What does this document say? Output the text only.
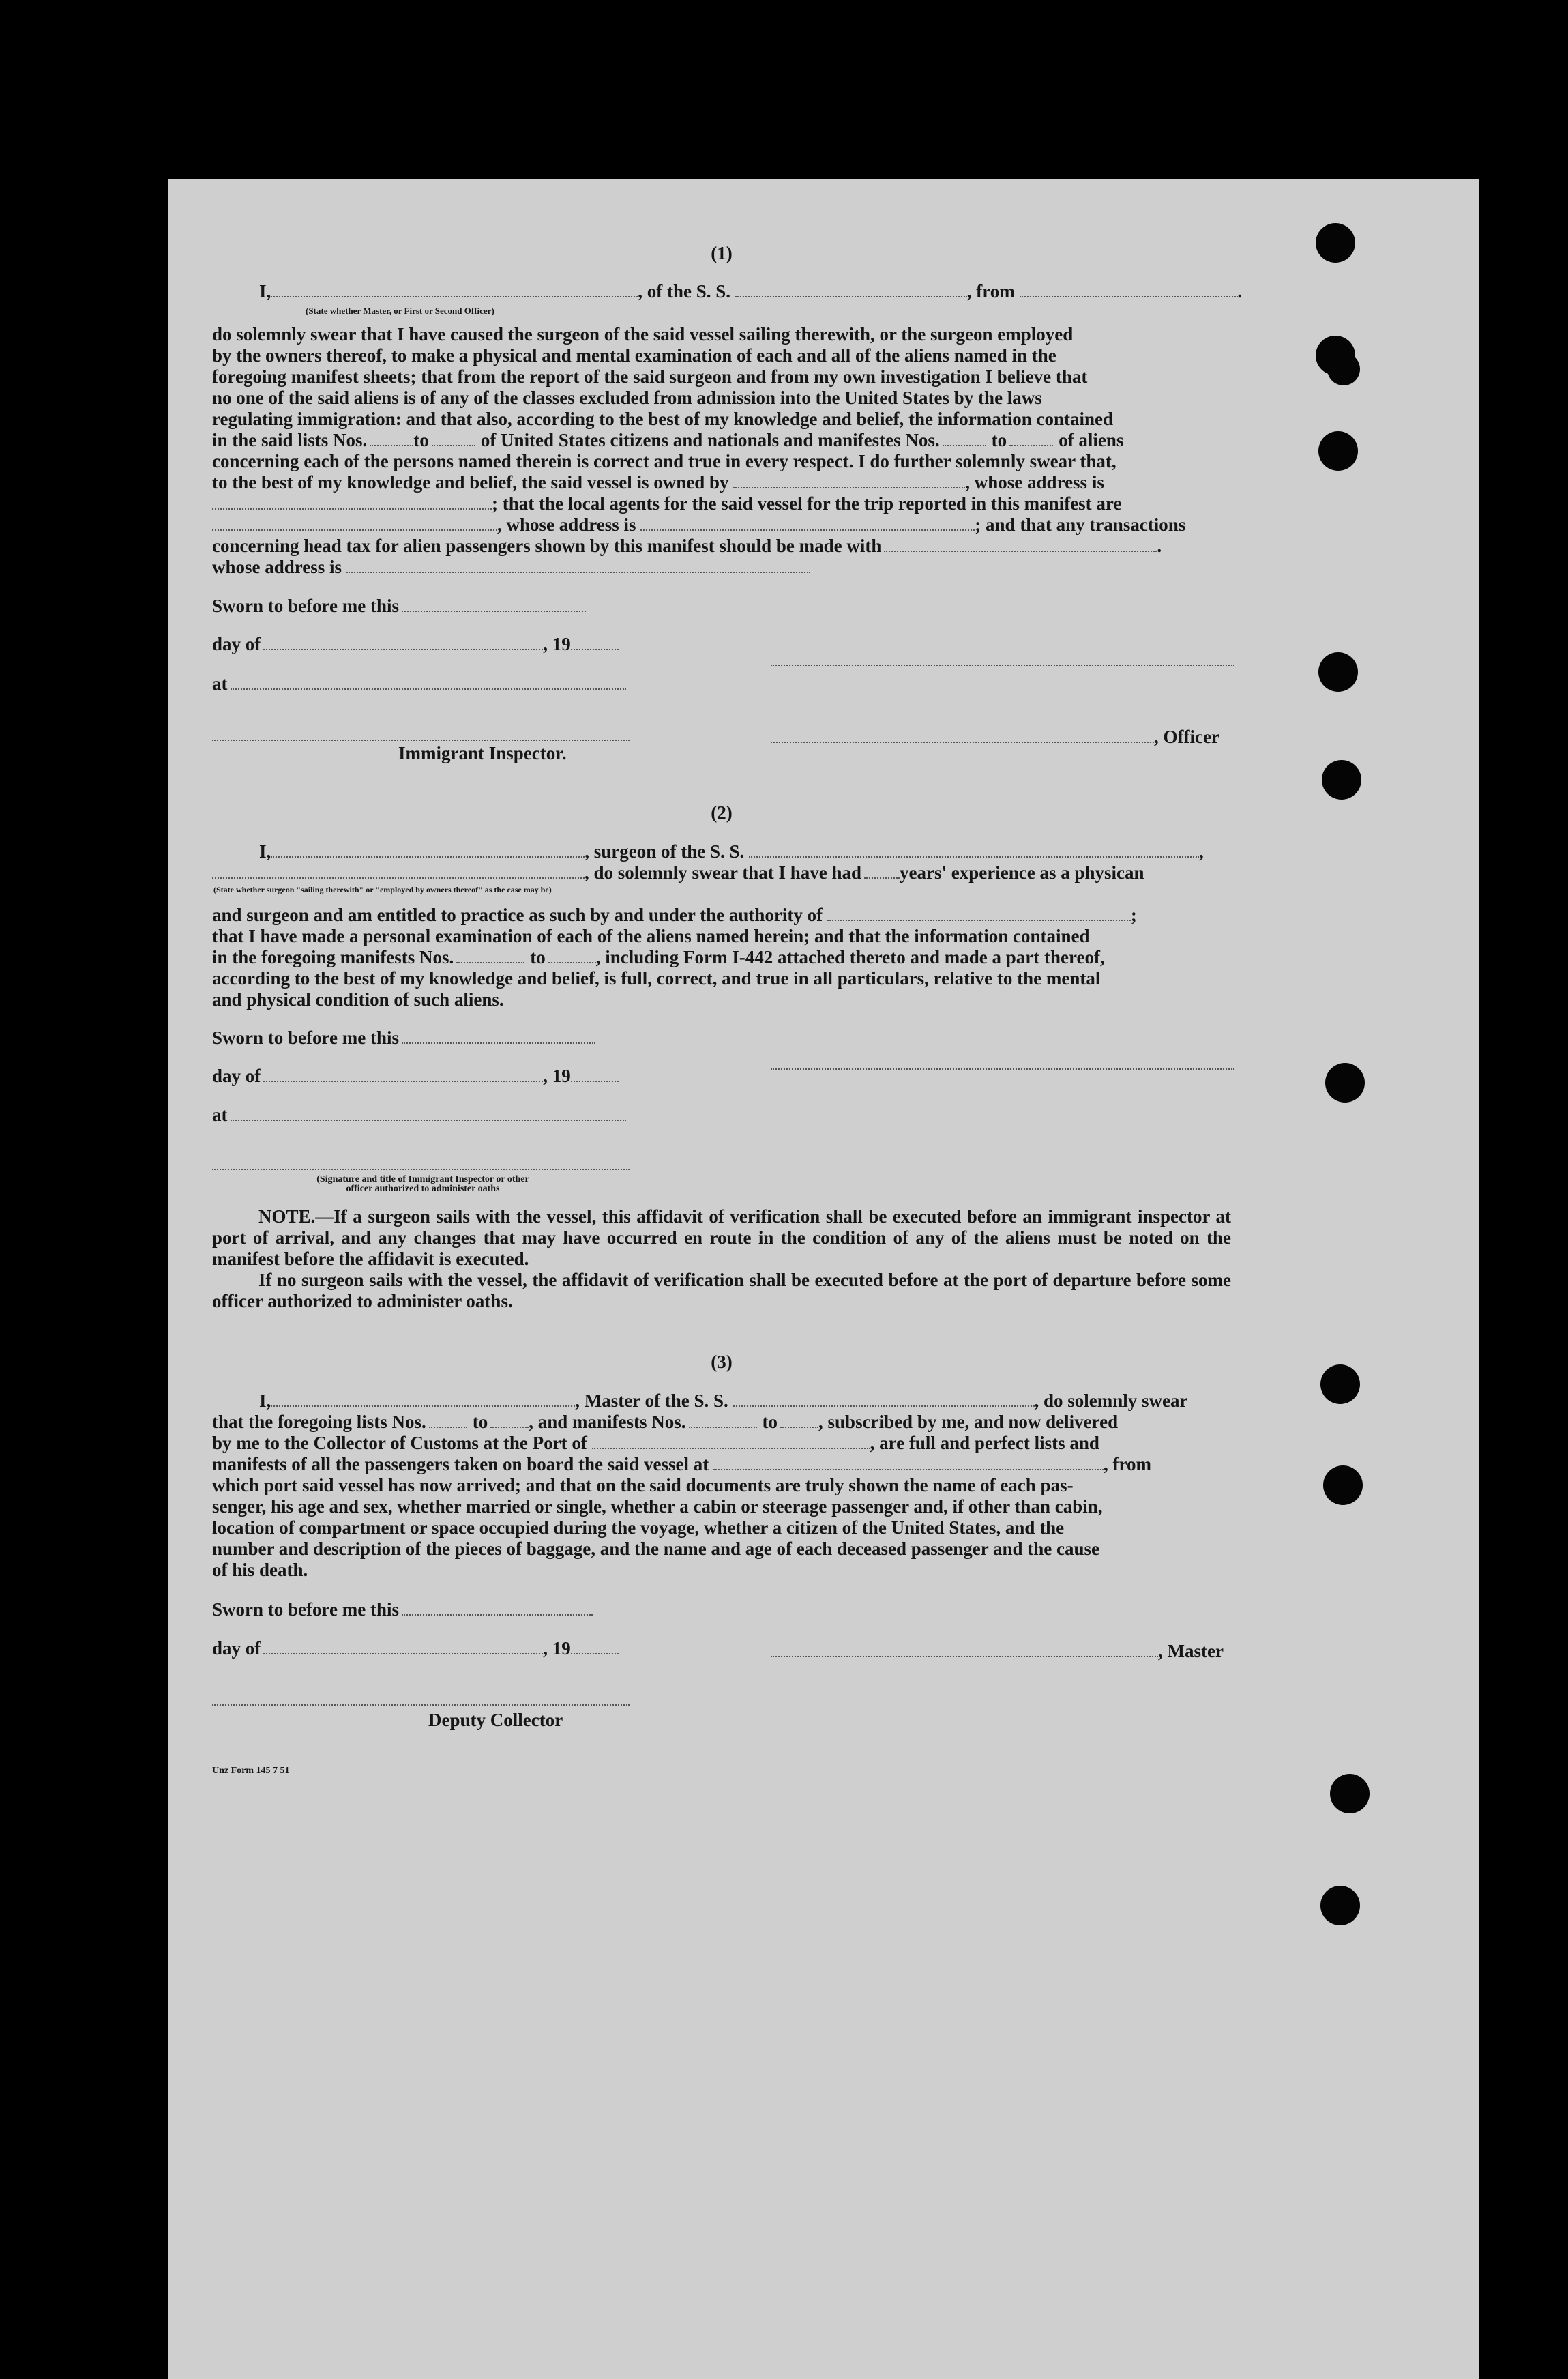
(1)
I,	, of the S. S.	, from	.
(State whether Master, or First or Second Officer)
do solemnly swear that I have caused the surgeon of the said vessel sailing therewith, or the surgeon employed
by the owners thereof, to make a physical and mental examination of each and all of the aliens named in the
foregoing manifest sheets; that from the report of the said surgeon and from my own investigation I believe that
no one of the said aliens is of any of the classes excluded from admission into the United States by the laws
regulating immigration: and that also, according to the best of my knowledge and belief, the information contained
in the said lists Nos.	to	of United States citizens and nationals and manifestes Nos.	to	of aliens
concerning each of the persons named therein is correct and true in every respect. I do further solemnly swear that,
to the best of my knowledge and belief, the said vessel is owned by	, whose address is
; that the local agents for the said vessel for the trip reported in this manifest are
, whose address is	; and that any transactions
concerning head tax for alien passengers shown by this manifest should be made with	.
whose address is
Sworn to before me this
day of	, 19
at
, Officer
Immigrant Inspector.
(2)
I,	, surgeon of the S. S.	,
, do solemnly swear that I have had years' experience as a physican
(State whether surgeon "sailing therewith" or "employed by owners thereof" as the case may be)
and surgeon and am entitled to practice as such by and under the authority of	;
that I have made a personal examination of each of the aliens named herein; and that the information contained
in the foregoing manifests Nos.	to	, including Form I-442 attached thereto and made a part thereof,
according to the best of my knowledge and belief, is full, correct, and true in all particulars, relative to the mental
and physical condition of such aliens.
Sworn to before me this
day of	, 19
at
(Signature and title of Immigrant Inspector or other
officer authorized to administer oaths
NOTE.—If a surgeon sails with the vessel, this affidavit of verification shall be executed before an immigrant inspector at port of arrival, and any changes that may have occurred en route in the condition of any of the aliens must be noted on the manifest before the affidavit is executed.
If no surgeon sails with the vessel, the affidavit of verification shall be executed before at the port of departure before some officer authorized to administer oaths.
(3)
I,	, Master of the S. S.	, do solemnly swear
that the foregoing lists Nos.	to , and manifests Nos.	to , subscribed by me, and now delivered
by me to the Collector of Customs at the Port of	, are full and perfect lists and
manifests of all the passengers taken on board the said vessel at	, from
which port said vessel has now arrived; and that on the said documents are truly shown the name of each pas-
senger, his age and sex, whether married or single, whether a cabin or steerage passenger and, if other than cabin,
location of compartment or space occupied during the voyage, whether a citizen of the United States, and the
number and description of the pieces of baggage, and the name and age of each deceased passenger and the cause
of his death.
Sworn to before me this
day of	, 19	, Master
Deputy Collector
Unz Form 145 7 51
